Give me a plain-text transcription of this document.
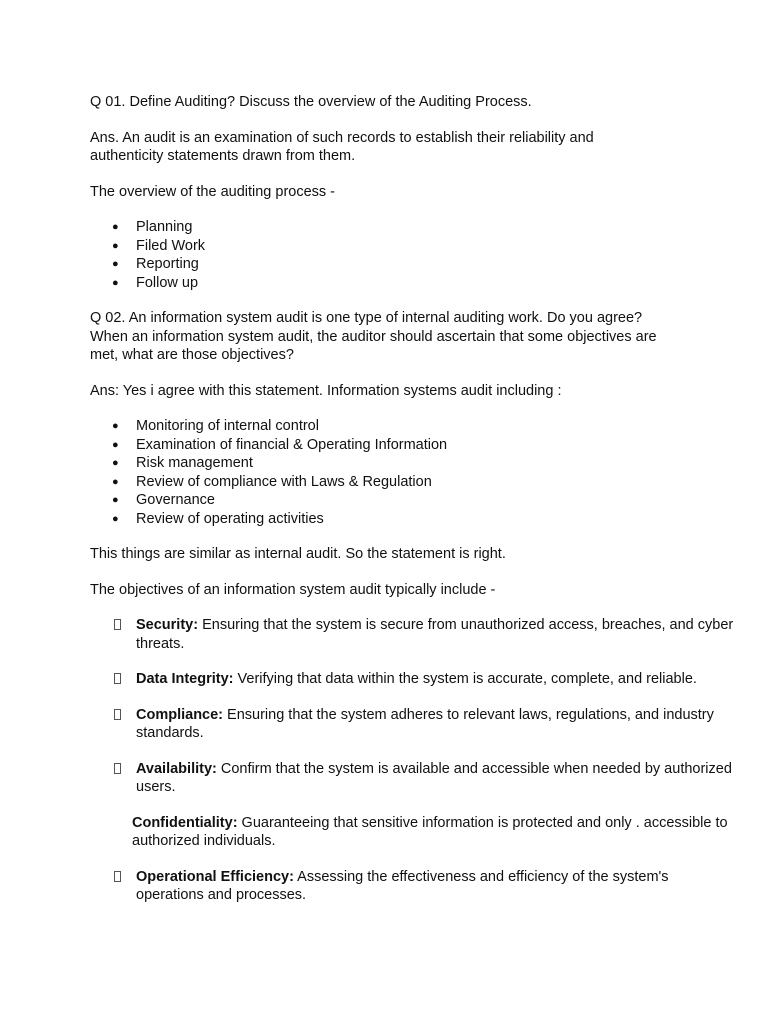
Q 01. Define Auditing? Discuss the overview of the Auditing Process.

Ans. An audit is an examination of such records to establish their reliability and authenticity statements drawn from them.

The overview of the auditing process -

● Planning
● Filed Work
● Reporting
● Follow up

Q 02. An information system audit is one type of internal auditing work. Do you agree? When an information system audit, the auditor should ascertain that some objectives are met, what are those objectives?

Ans: Yes i agree with this statement. Information systems audit including :

● Monitoring of internal control
● Examination of financial & Operating Information
● Risk management
● Review of compliance with Laws & Regulation
● Governance
● Review of operating activities

This things are similar as internal audit. So the statement is right.

The objectives of an information system audit typically include -

Security: Ensuring that the system is secure from unauthorized access, breaches, and cyber threats.
Data Integrity: Verifying that data within the system is accurate, complete, and reliable.
Compliance: Ensuring that the system adheres to relevant laws, regulations, and industry standards.
Availability: Confirm that the system is available and accessible when needed by authorized users.
Confidentiality: Guaranteeing that sensitive information is protected and only . accessible to authorized individuals.
Operational Efficiency: Assessing the effectiveness and efficiency of the system's operations and processes.
